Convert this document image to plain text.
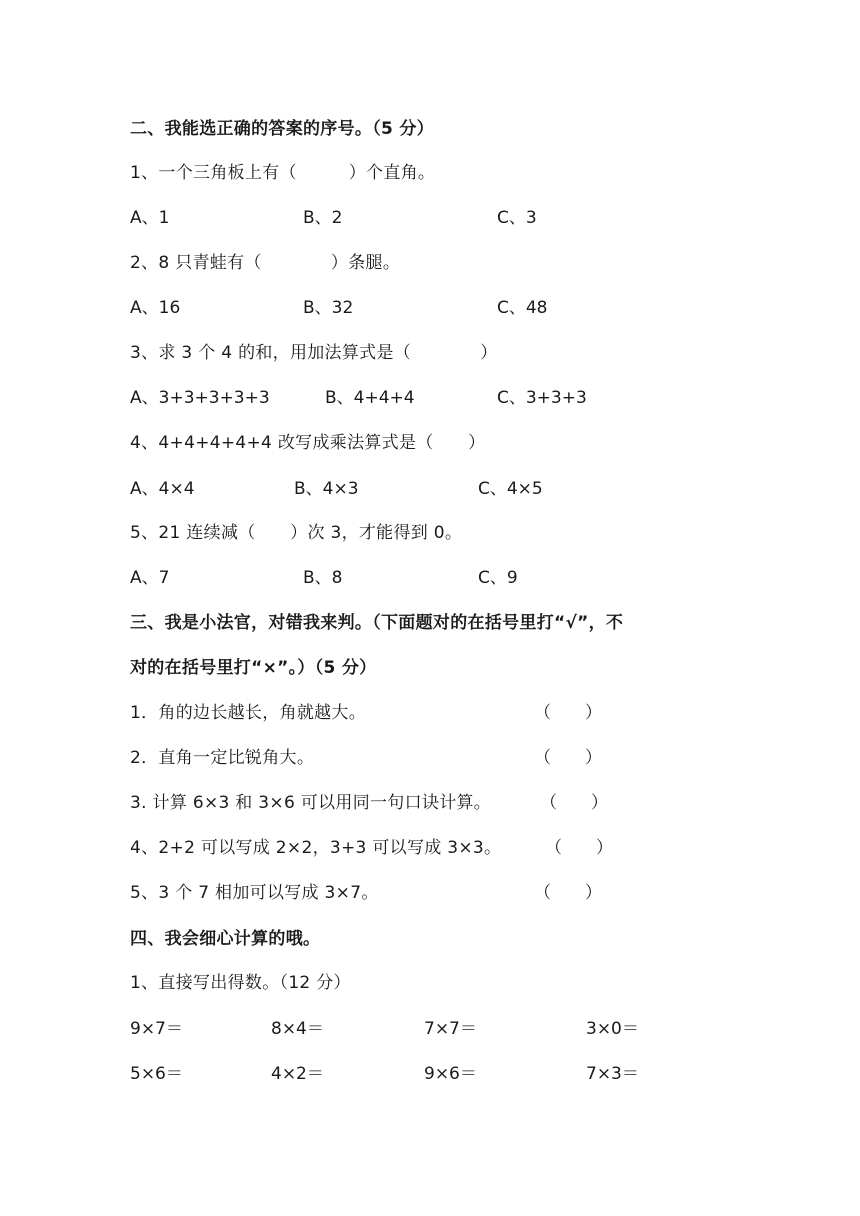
二、我能选正确的答案的序号。（5 分）
1、一个三角板上有（　　　）个直角。
A、1	B、2	C、3
2、8 只青蛙有（　　　　）条腿。
A、16	B、32	C、48
3、求 3 个 4 的和，用加法算式是（　　　　）
A、3+3+3+3+3	B、4+4+4	C、3+3+3
4、4+4+4+4+4 改写成乘法算式是（　　）
A、4×4	B、4×3	C、4×5
5、21 连续减（　　）次 3，才能得到 0。
A、7	B、8	C、9
三、我是小法官，对错我来判。（下面题对的在括号里打“√”，不
对的在括号里打“×”。）（5 分）
1．角的边长越长，角就越大。	（　　）
2．直角一定比锐角大。	（　　）
3. 计算 6×3 和 3×6 可以用同一句口诀计算。	（　　）
4、2+2 可以写成 2×2，3+3 可以写成 3×3。	（　　）
5、3 个 7 相加可以写成 3×7。	（　　）
四、我会细心计算的哦。
1、直接写出得数。（12 分）
9×7＝	8×4＝	7×7＝	3×0＝
5×6＝	4×2＝	9×6＝	7×3＝
